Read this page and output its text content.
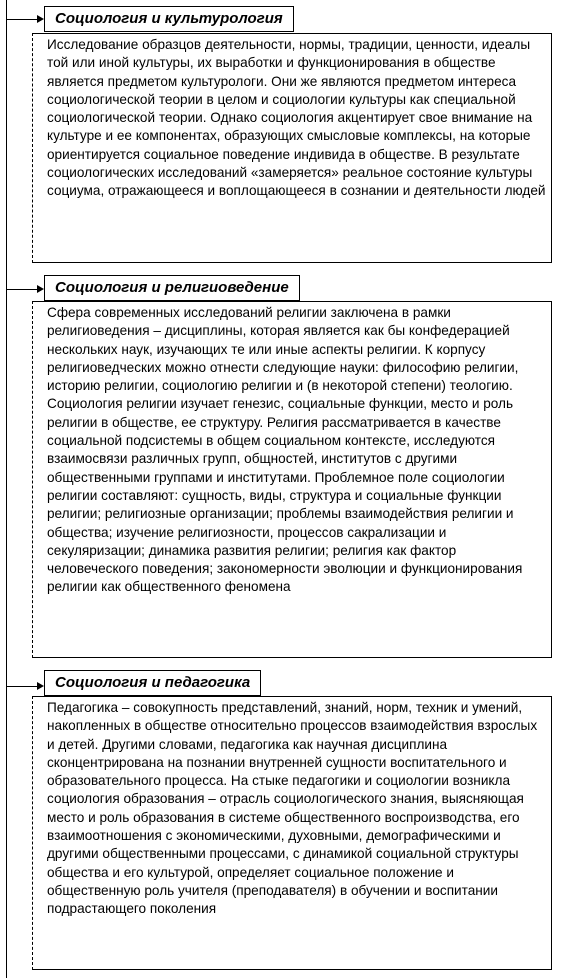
Социология и культурология
Исследование образцов деятельности, нормы, традиции, ценности, идеалы той или иной культуры, их выработки и функционирования в обществе является предметом культурологи. Они же являются предметом интереса социологической теории в целом и социологии культуры как специальной социологической теории. Однако социология акцентирует свое внимание на культуре и ее компонентах, образующих смысловые комплексы, на которые ориентируется социальное поведение индивида в обществе. В результате социологических исследований «замеряется» реальное состояние культуры социума, отражающееся и воплощающееся в сознании и деятельности людей
Социология и религиоведение
Сфера современных исследований религии заключена в рамки религиоведения – дисциплины, которая является как бы конфедерацией нескольких наук, изучающих те или иные аспекты религии. К корпусу религиоведческих можно отнести следующие науки: философию религии, историю религии, социологию религии и (в некоторой степени) теологию. Социология религии изучает генезис, социальные функции, место и роль религии в обществе, ее структуру. Религия рассматривается в качестве социальной подсистемы в общем социальном контексте, исследуются взаимосвязи различных групп, общностей, институтов с другими общественными группами и институтами. Проблемное поле социологии религии составляют: сущность, виды, структура и социальные функции религии; религиозные организации; проблемы взаимодействия религии и общества; изучение религиозности, процессов сакрализации и секуляризации; динамика развития религии; религия как фактор человеческого поведения; закономерности эволюции и функционирования религии как общественного феномена
Социология и педагогика
Педагогика – совокупность представлений, знаний, норм, техник и умений, накопленных в обществе относительно процессов взаимодействия взрослых и детей. Другими словами, педагогика как научная дисциплина сконцентрирована на познании внутренней сущности воспитательного и образовательного процесса. На стыке педагогики и социологии возникла социология образования – отрасль социологического знания, выясняющая место и роль образования в системе общественного воспроизводства, его взаимоотношения с экономическими, духовными, демографическими и другими общественными процессами, с динамикой социальной структуры общества и его культурой, определяет социальное положение и общественную роль учителя (преподавателя) в обучении и воспитании подрастающего поколения
